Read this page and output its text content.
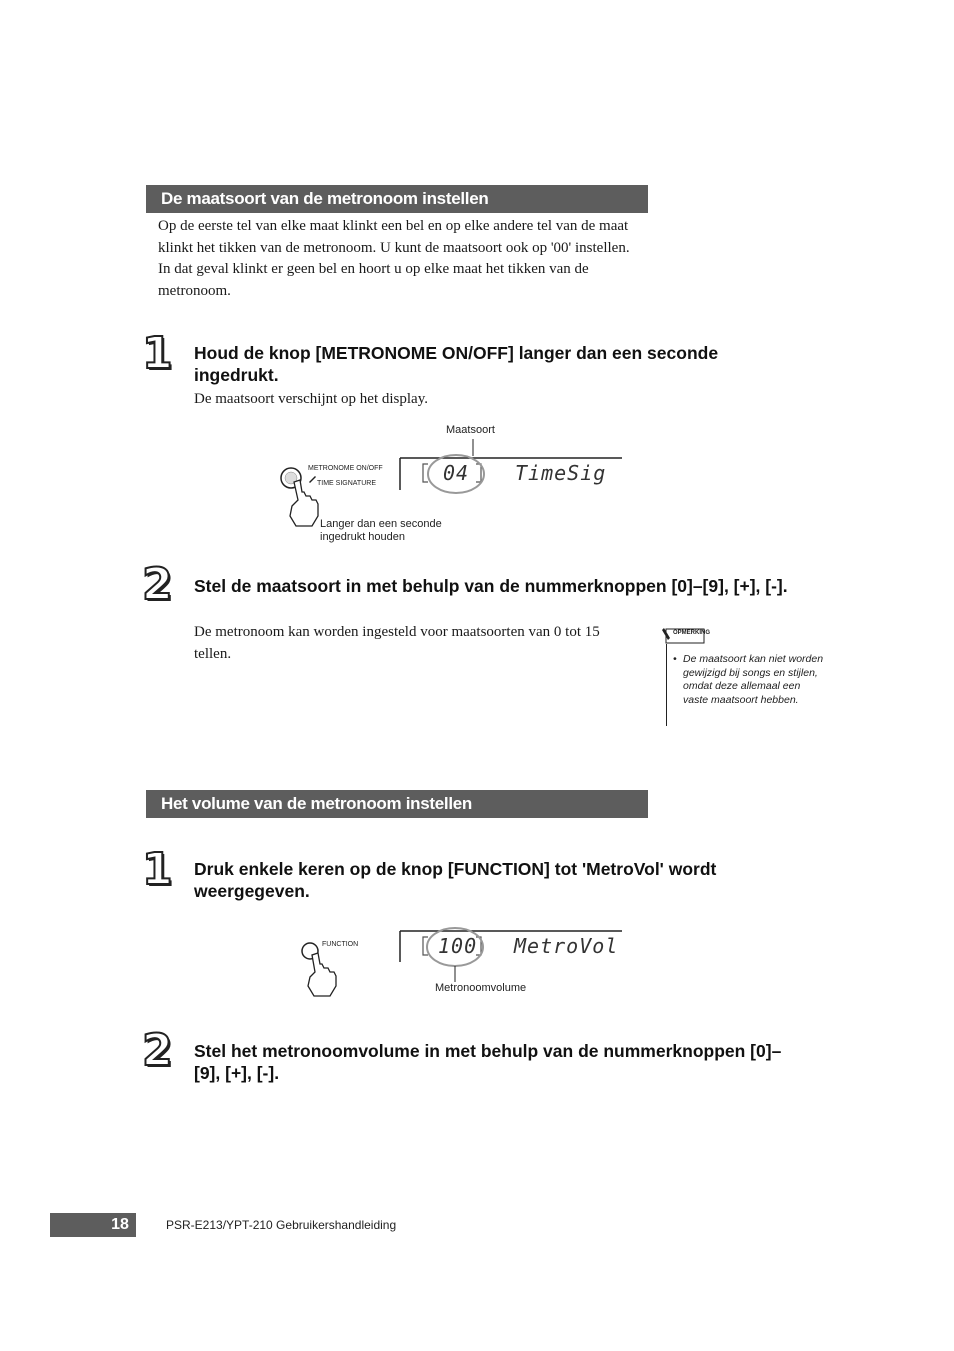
De maatsoort van de metronoom instellen
Op de eerste tel van elke maat klinkt een bel en op elke andere tel van de maat klinkt het tikken van de metronoom. U kunt de maatsoort ook op '00' instellen. In dat geval klinkt er geen bel en hoort u op elke maat het tikken van de metronoom.
1 Houd de knop [METRONOME ON/OFF] langer dan een seconde ingedrukt.
De maatsoort verschijnt op het display.
METRONOME ON/OFF
TIME SIGNATURE
Maatsoort
04 TimeSig
Langer dan een seconde
ingedrukt houden
2 Stel de maatsoort in met behulp van de nummerknoppen [0]–[9], [+], [-].
De metronoom kan worden ingesteld voor maatsoorten van 0 tot 15 tellen.
OPMERKING
• De maatsoort kan niet worden gewijzigd bij songs en stijlen, omdat deze allemaal een vaste maatsoort hebben.
Het volume van de metronoom instellen
1 Druk enkele keren op de knop [FUNCTION] tot 'MetroVol' wordt weergegeven.
FUNCTION	100 MetroVol
Metronoomvolume
2 Stel het metronoomvolume in met behulp van de nummerknoppen [0]–[9], [+], [-].
18	PSR-E213/YPT-210 Gebruikershandleiding
